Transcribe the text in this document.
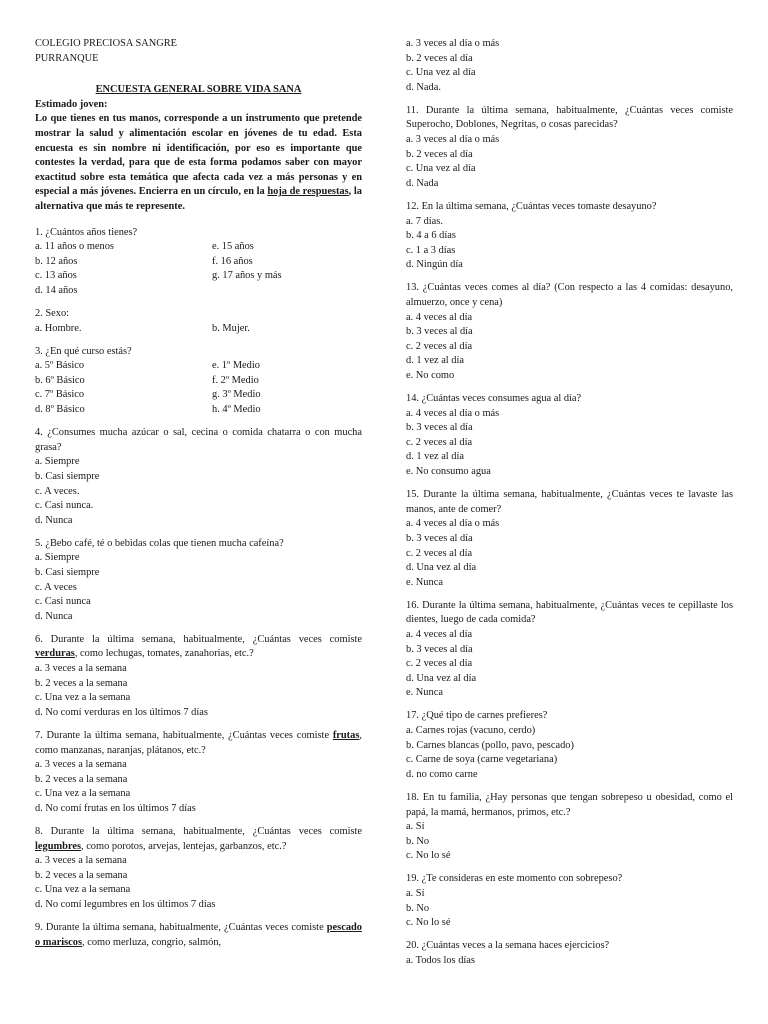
COLEGIO PRECIOSA SANGRE
PURRANQUE
ENCUESTA GENERAL SOBRE VIDA SANA
Estimado joven:
Lo que tienes en tus manos, corresponde a un instrumento que pretende mostrar la salud y alimentación escolar en jóvenes de tu edad. Esta encuesta es sin nombre ni identificación, por eso es importante que contestes la verdad, para que de esta forma podamos saber con mayor exactitud sobre esta temática que afecta cada vez a más personas y en especial a más jóvenes. Encierra en un círculo, en la hoja de respuestas, la alternativa que más te represente.
1. ¿Cuántos años tienes?
a. 11 años o menos	e. 15 años
b. 12 años	f. 16 años
c. 13 años	g. 17 años y más
d. 14 años
2. Sexo:
a. Hombre.	b. Mujer.
3. ¿En qué curso estás?
a. 5º Básico	e. 1º Medio
b. 6º Básico	f. 2º Medio
c. 7º Básico	g. 3º Medio
d. 8º Básico	h. 4º Medio
4. ¿Consumes mucha azúcar o sal, cecina o comida chatarra o con mucha grasa?
a. Siempre
b. Casi siempre
c. A veces.
c. Casi nunca.
d. Nunca
5. ¿Bebo café, té o bebidas colas que tienen mucha cafeína?
a. Siempre
b. Casi siempre
c. A veces
c. Casi nunca
d. Nunca
6. Durante la última semana, habitualmente, ¿Cuántas veces comiste verduras, como lechugas, tomates, zanahorias, etc.?
a. 3 veces a la semana
b. 2 veces a la semana
c. Una vez a la semana
d. No comí verduras en los últimos 7 días
7. Durante la última semana, habitualmente, ¿Cuántas veces comiste frutas, como manzanas, naranjas, plátanos, etc.?
a. 3 veces a la semana
b. 2 veces a la semana
c. Una vez a la semana
d. No comí frutas en los últimos 7 días
8. Durante la última semana, habitualmente, ¿Cuántas veces comiste legumbres, como porotos, arvejas, lentejas, garbanzos, etc.?
a. 3 veces a la semana
b. 2 veces a la semana
c. Una vez a la semana
d. No comí legumbres en los últimos 7 días
9. Durante la última semana, habitualmente, ¿Cuántas veces comiste pescado o mariscos, como merluza, congrio, salmón,
a. 3 veces al día o más
b. 2 veces al día
c. Una vez al día
d. Nada.
11. Durante la última semana, habitualmente, ¿Cuántas veces comiste Superocho, Doblones, Negritas, o cosas parecidas?
a. 3 veces al día o más
b. 2 veces al día
c. Una vez al día
d. Nada
12. En la última semana, ¿Cuántas veces tomaste desayuno?
a. 7 días.
b. 4 a 6 días
c. 1 a 3 días
d. Ningún día
13. ¿Cuántas veces comes al día? (Con respecto a las 4 comidas: desayuno, almuerzo, once y cena)
a. 4 veces al día
b. 3 veces al día
c. 2 veces al día
d. 1 vez al día
e. No como
14. ¿Cuántas veces consumes agua al día?
a. 4 veces al día o más
b. 3 veces al día
c. 2 veces al día
d. 1 vez al día
e. No consumo agua
15. Durante la última semana, habitualmente, ¿Cuántas veces te lavaste las manos, ante de comer?
a. 4 veces al día o más
b. 3 veces al día
c. 2 veces al día
d. Una vez al día
e. Nunca
16. Durante la última semana, habitualmente, ¿Cuántas veces te cepillaste los dientes, luego de cada comida?
a. 4 veces al día
b. 3 veces al día
c. 2 veces al día
d. Una vez al día
e. Nunca
17. ¿Qué tipo de carnes prefieres?
a. Carnes rojas (vacuno, cerdo)
b. Carnes blancas (pollo, pavo, pescado)
c. Carne de soya (carne vegetariana)
d. no como carne
18. En tu familia, ¿Hay personas que tengan sobrepeso u obesidad, como el papá, la mamá, hermanos, primos, etc.?
a. Sí
b. No
c. No lo sé
19. ¿Te consideras en este momento con sobrepeso?
a. Sí
b. No
c. No lo sé
20. ¿Cuántas veces a la semana haces ejercicios?
a. Todos los días
